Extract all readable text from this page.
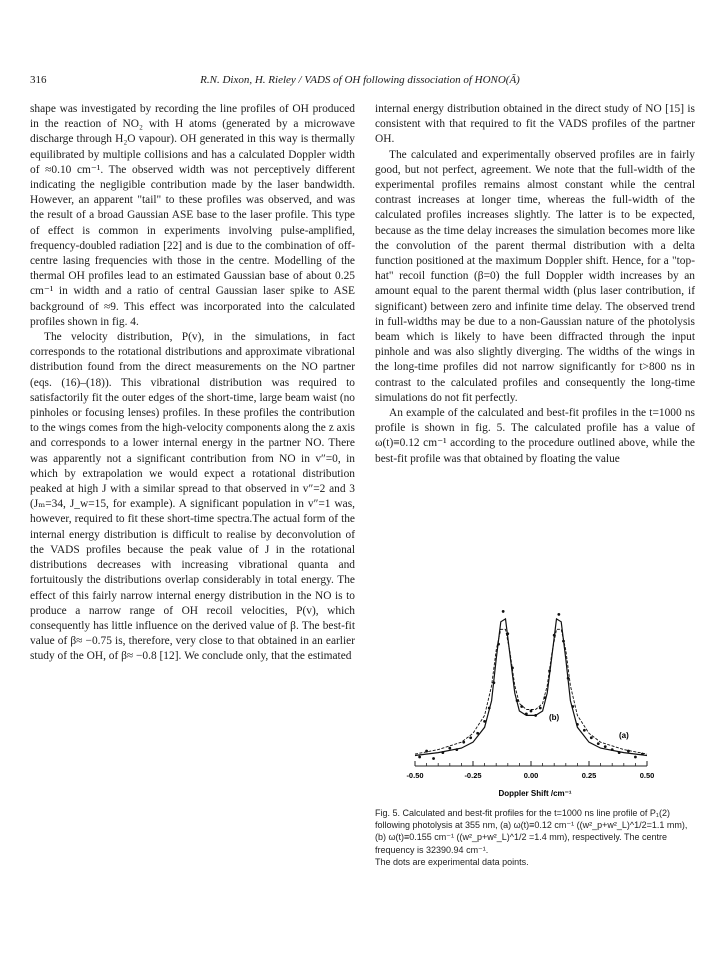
316	R.N. Dixon, H. Rieley / VADS of OH following dissociation of HONO(Ã)

shape was investigated by recording the line profiles of OH produced in the reaction of NO₂ with H atoms (generated by a microwave discharge through H₂O vapour). OH generated in this way is thermally equilibrated by multiple collisions and has a calculated Doppler width of ≈0.10 cm⁻¹. The observed width was not perceptively different indicating the negligible contribution made by the laser bandwidth. However, an apparent "tail" to these profiles was observed, and was the result of a broad Gaussian ASE base to the laser profile. This type of effect is common in experiments involving pulse-amplified, frequency-doubled radiation [22] and is due to the combination of off-centre lasing frequencies with those in the centre. Modelling of the thermal OH profiles lead to an estimated Gaussian base of about 0.25 cm⁻¹ in width and a ratio of central Gaussian laser spike to ASE background of ≈9. This effect was incorporated into the calculated profiles shown in fig. 4.

The velocity distribution, P(v), in the simulations, in fact corresponds to the rotational distributions and approximate vibrational distribution found from the direct measurements on the NO partner (eqs. (16)–(18)). This vibrational distribution was required to satisfactorily fit the outer edges of the short-time, large beam waist (no pinholes or focusing lenses) profiles. In these profiles the contribution to the wings comes from the high-velocity components along the z axis and corresponds to a lower internal energy in the partner NO. There was apparently not a significant contribution from NO in v″=0, in which by extrapolation we would expect a rotational distribution peaked at high J with a similar spread to that observed in v″=2 and 3 (Jₘ=34, J_w=15, for example). A significant population in v″=1 was, however, required to fit these short-time spectra.The actual form of the internal energy distribution is difficult to realise by deconvolution of the VADS profiles because the peak value of J in the rotational distributions decreases with increasing vibrational quanta and fortuitously the distributions overlap considerably in total energy. The effect of this fairly narrow internal energy distribution in the NO is to produce a narrow range of OH recoil velocities, P(v), which consequently has little influence on the derived value of β. The best-fit value of β≈ −0.75 is, therefore, very close to that obtained in an earlier study of the OH, of β≈ −0.8 [12]. We conclude only, that the estimated

internal energy distribution obtained in the direct study of NO [15] is consistent with that required to fit the VADS profiles of the partner OH.

The calculated and experimentally observed profiles are in fairly good, but not perfect, agreement. We note that the full-width of the experimental profiles remains almost constant while the central contrast increases at longer time, whereas the full-width of the calculated profiles increases slightly. The latter is to be expected, because as the time delay increases the simulation becomes more like the convolution of the parent thermal distribution with a delta function positioned at the maximum Doppler shift. Hence, for a "top-hat" recoil function (β=0) the full Doppler width increases by an amount equal to the parent thermal width (plus laser contribution, if significant) between zero and infinite time delay. The observed trend in full-widths may be due to a non-Gaussian nature of the photolysis beam which is likely to have been diffracted through the input pinhole and was also slightly diverging. The widths of the wings in the long-time profiles did not narrow significantly for t>800 ns in contrast to the calculated profiles and consequently the long-time simulations do not fit perfectly.

An example of the calculated and best-fit profiles in the t=1000 ns profile is shown in fig. 5. The calculated profile has a value of ω(t)≡0.12 cm⁻¹ according to the procedure outlined above, while the best-fit profile was that obtained by floating the value

-0.50	-0.25	0.00	0.25	0.50
(a)
(b)
Doppler Shift /cm⁻¹

Fig. 5. Calculated and best-fit profiles for the t=1000 ns line profile of P₁(2) following photolysis at 355 nm, (a) ω(t)≡0.12 cm⁻¹ ((w²_p+w²_L)^1/2=1.1 mm), (b) ω(t)≡0.155 cm⁻¹ ((w²_p+w²_L)^1/2 =1.4 mm), respectively. The centre frequency is 32390.94 cm⁻¹.

The dots are experimental data points.
